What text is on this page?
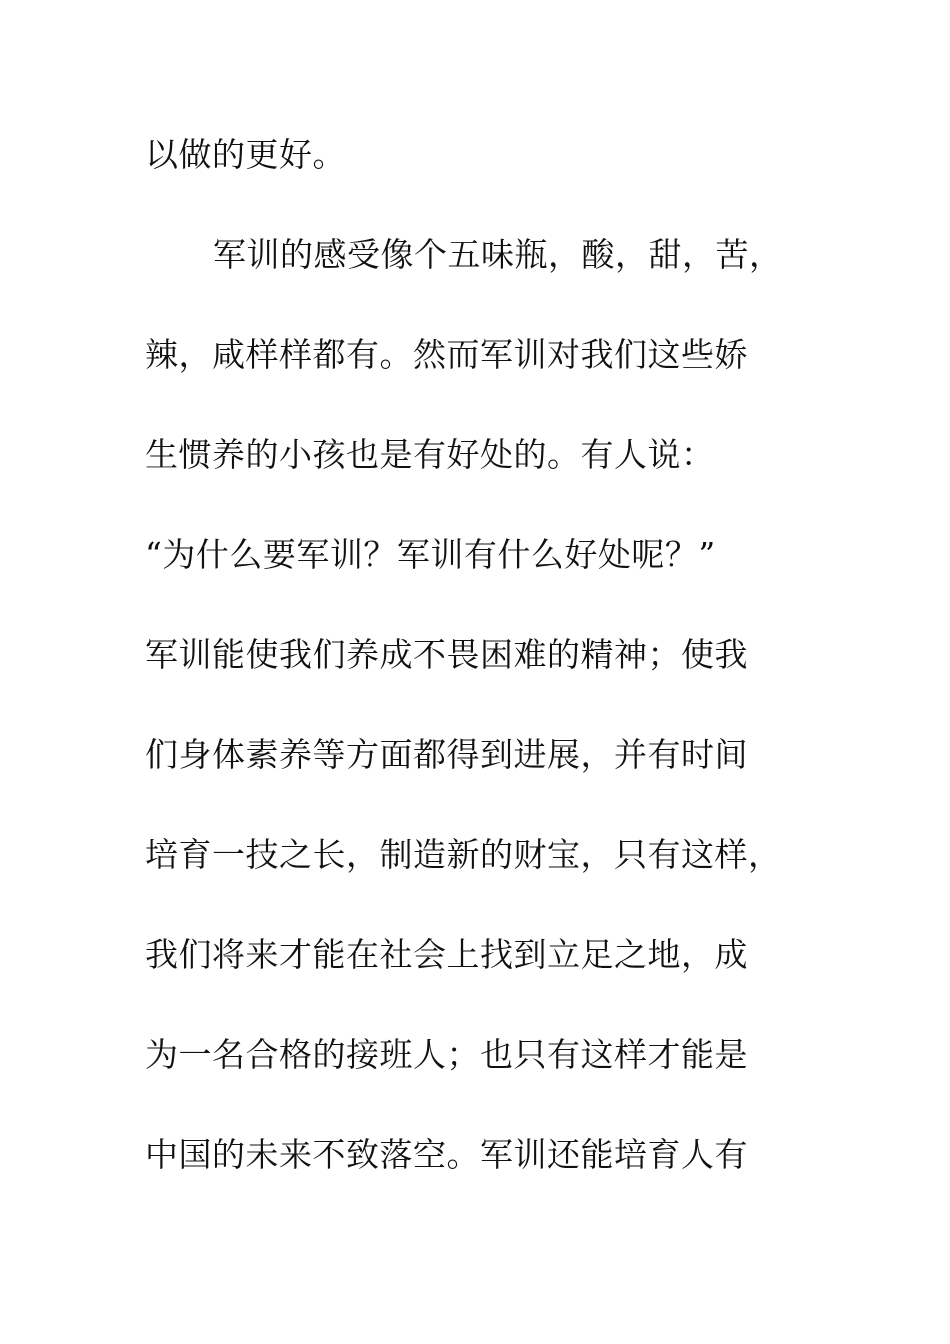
以做的更好。
军训的感受像个五味瓶，酸，甜，苦，
辣，咸样样都有。然而军训对我们这些娇
生惯养的小孩也是有好处的。有人说：
“为什么要军训？军训有什么好处呢？”
军训能使我们养成不畏困难的精神；使我
们身体素养等方面都得到进展，并有时间
培育一技之长，制造新的财宝，只有这样，
我们将来才能在社会上找到立足之地，成
为一名合格的接班人；也只有这样才能是
中国的未来不致落空。军训还能培育人有
